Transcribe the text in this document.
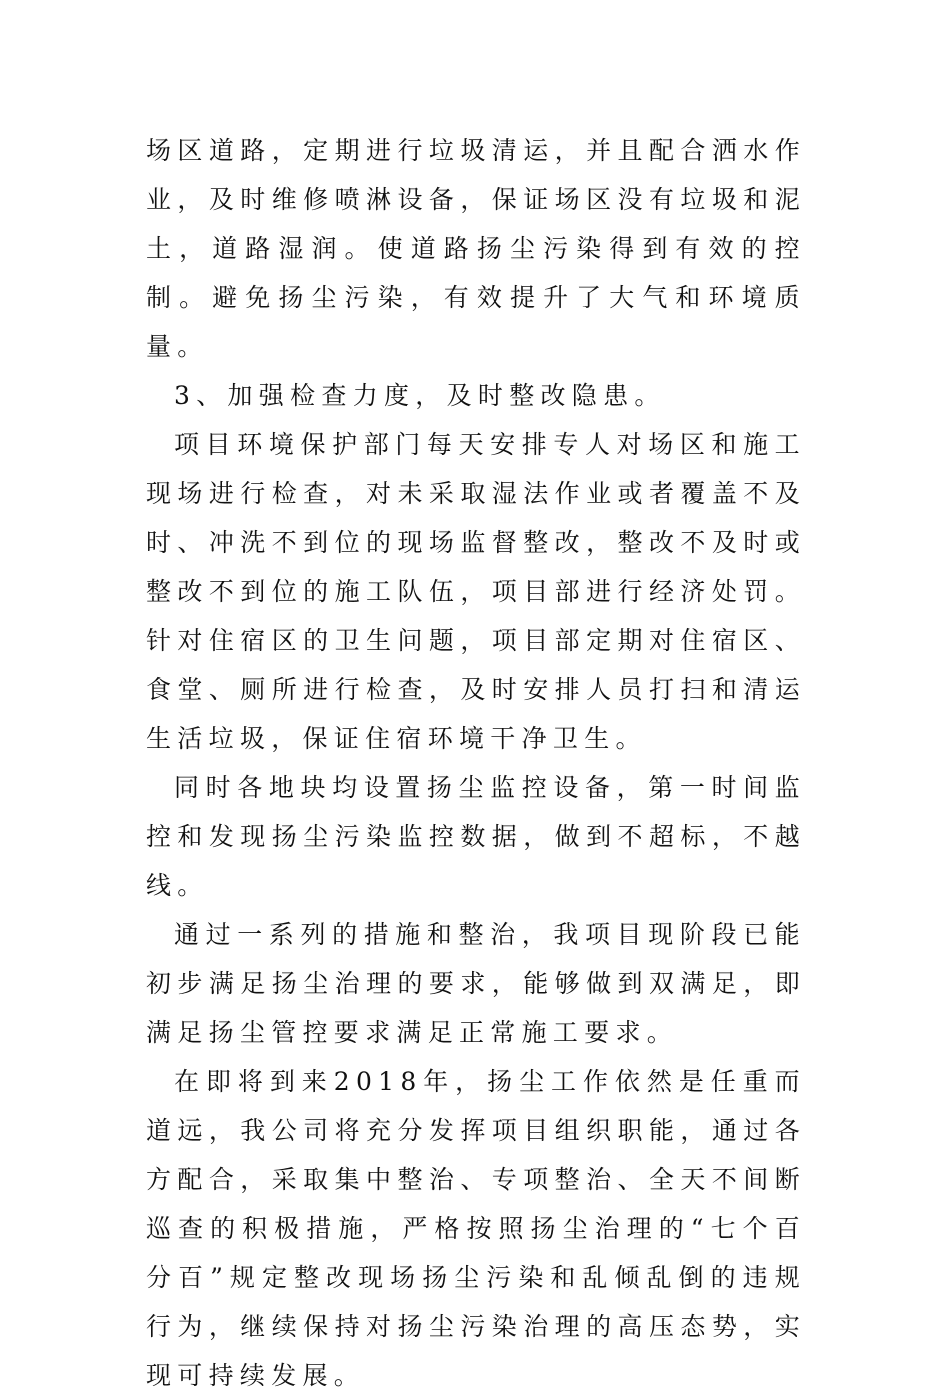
场区道路，定期进行垃圾清运，并且配合洒水作业，及时维修喷淋设备，保证场区没有垃圾和泥土，道路湿润。使道路扬尘污染得到有效的控制。避免扬尘污染，有效提升了大气和环境质量。

3、加强检查力度，及时整改隐患。

项目环境保护部门每天安排专人对场区和施工现场进行检查，对未采取湿法作业或者覆盖不及时、冲洗不到位的现场监督整改，整改不及时或整改不到位的施工队伍，项目部进行经济处罚。针对住宿区的卫生问题，项目部定期对住宿区、食堂、厕所进行检查，及时安排人员打扫和清运生活垃圾，保证住宿环境干净卫生。

同时各地块均设置扬尘监控设备，第一时间监控和发现扬尘污染监控数据，做到不超标，不越线。

通过一系列的措施和整治，我项目现阶段已能初步满足扬尘治理的要求，能够做到双满足，即满足扬尘管控要求满足正常施工要求。

在即将到来2018年，扬尘工作依然是任重而道远，我公司将充分发挥项目组织职能，通过各方配合，采取集中整治、专项整治、全天不间断巡查的积极措施，严格按照扬尘治理的“七个百分百”规定整改现场扬尘污染和乱倾乱倒的违规行为，继续保持对扬尘污染治理的高压态势，实现可持续发展。
